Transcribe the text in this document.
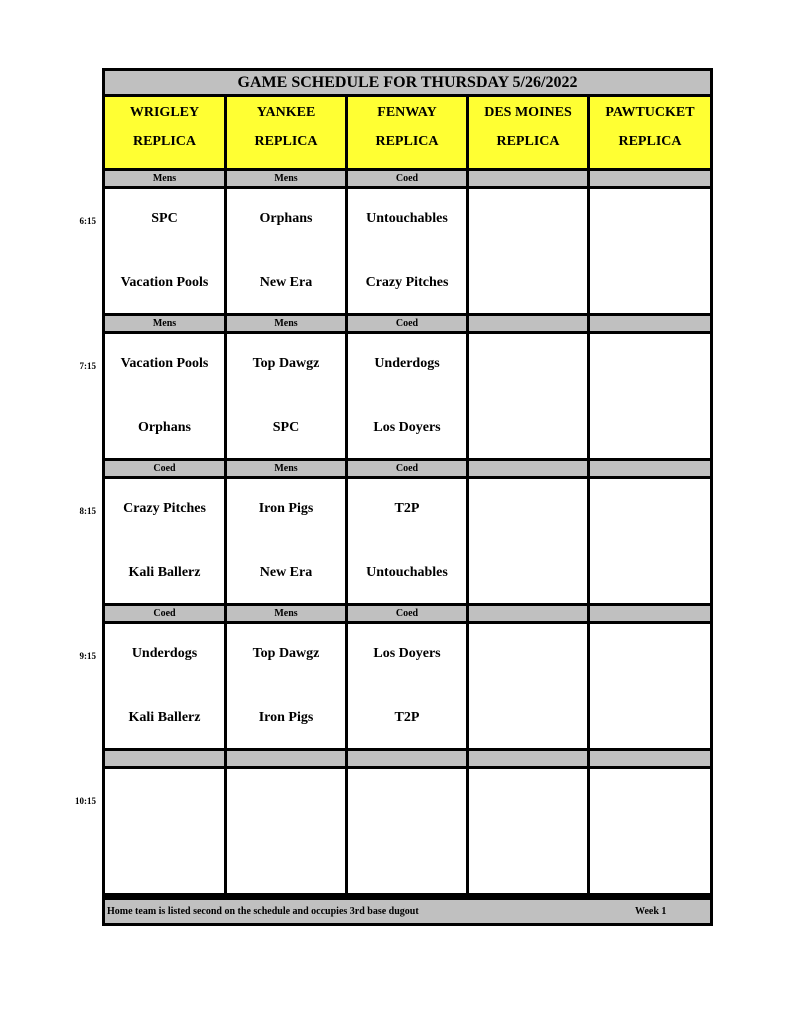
GAME SCHEDULE FOR THURSDAY 5/26/2022
WRIGLEY
REPLICA
YANKEE
REPLICA
FENWAY
REPLICA
DES MOINES
REPLICA
PAWTUCKET
REPLICA
Mens
SPC
Vacation Pools
Mens
Orphans
New Era
Coed
Untouchables
Crazy Pitches
Mens
Vacation Pools
Orphans
Mens
Top Dawgz
SPC
Coed
Underdogs
Los Doyers
Coed
Crazy Pitches
Kali Ballerz
Mens
Iron Pigs
New Era
Coed
T2P
Untouchables
Coed
Underdogs
Kali Ballerz
Mens
Top Dawgz
Iron Pigs
Coed
Los Doyers
T2P
Home team is listed second on the schedule and occupies 3rd base dugout	Week 1
6:15
7:15
8:15
9:15
10:15
